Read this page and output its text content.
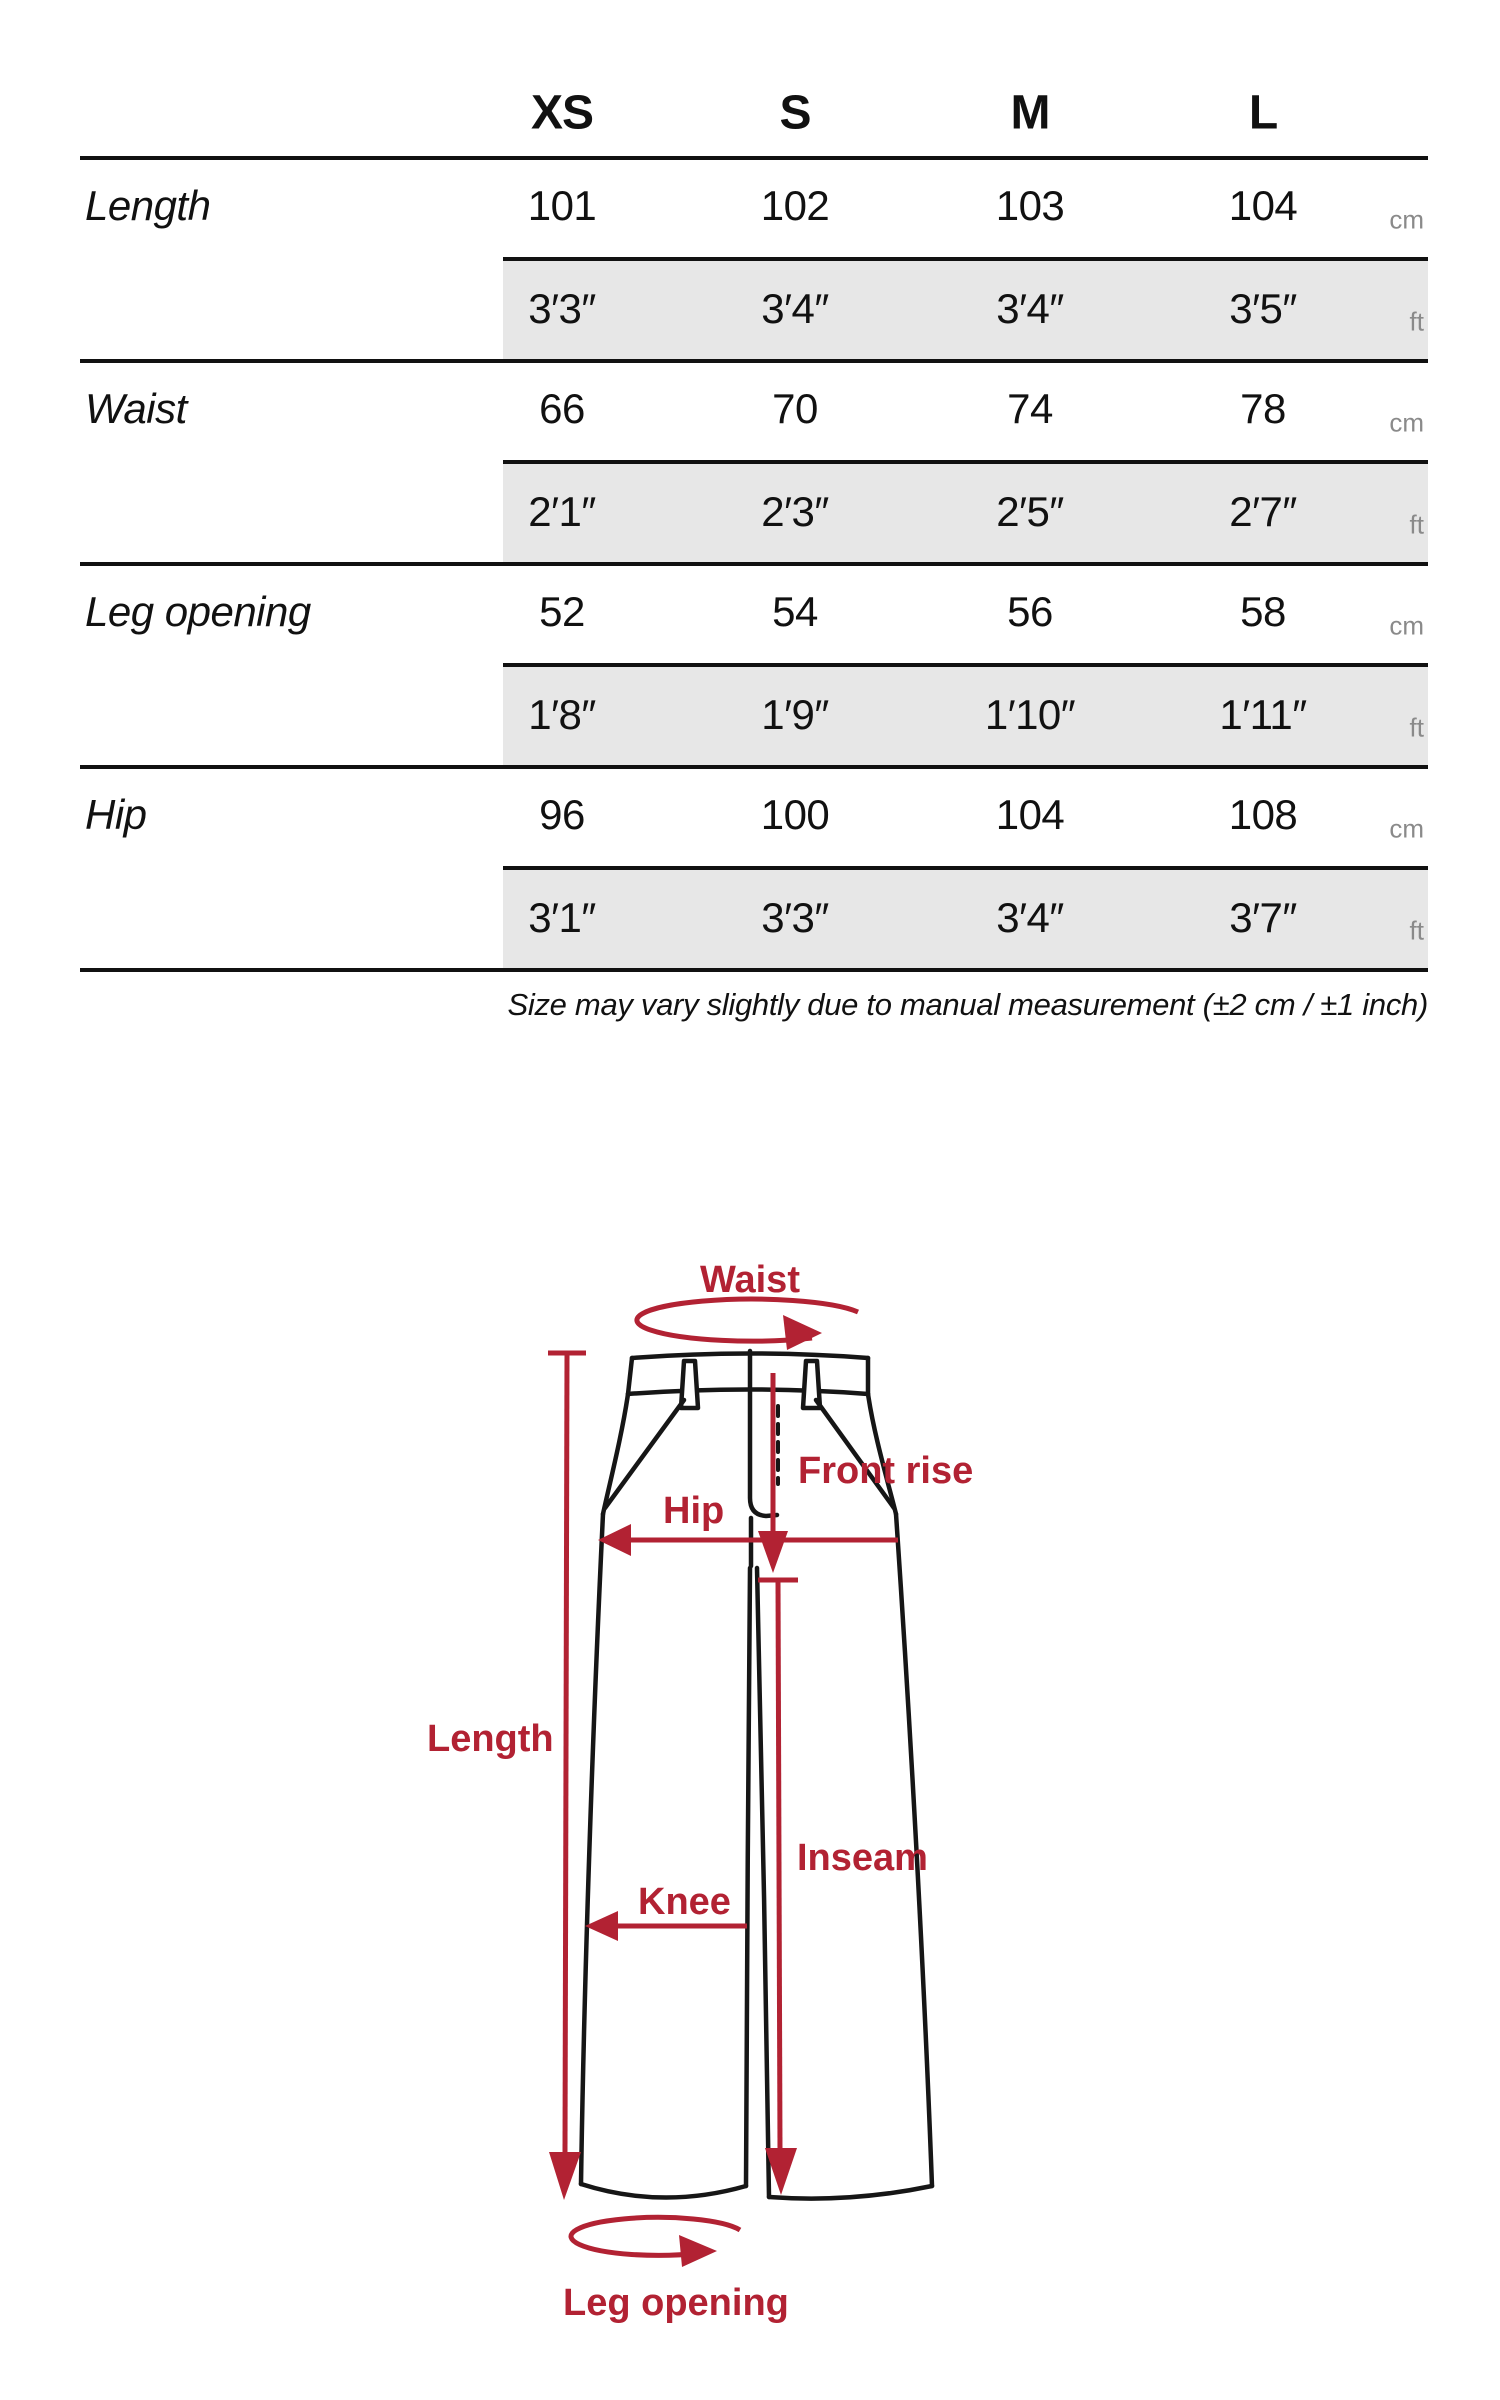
XS	S	M	L
Length	101	102	103	104	cm
3′3″	3′4″	3′4″	3′5″	ft
Waist	66	70	74	78	cm
2′1″	2′3″	2′5″	2′7″	ft
Leg opening	52	54	56	58	cm
1′8″	1′9″	1′10″	1′11″	ft
Hip	96	100	104	108	cm
3′1″	3′3″	3′4″	3′7″	ft
Size may vary slightly due to manual measurement (±2 cm / ±1 inch)
Waist
Front rise
Hip
Length
Inseam
Knee
Leg opening
